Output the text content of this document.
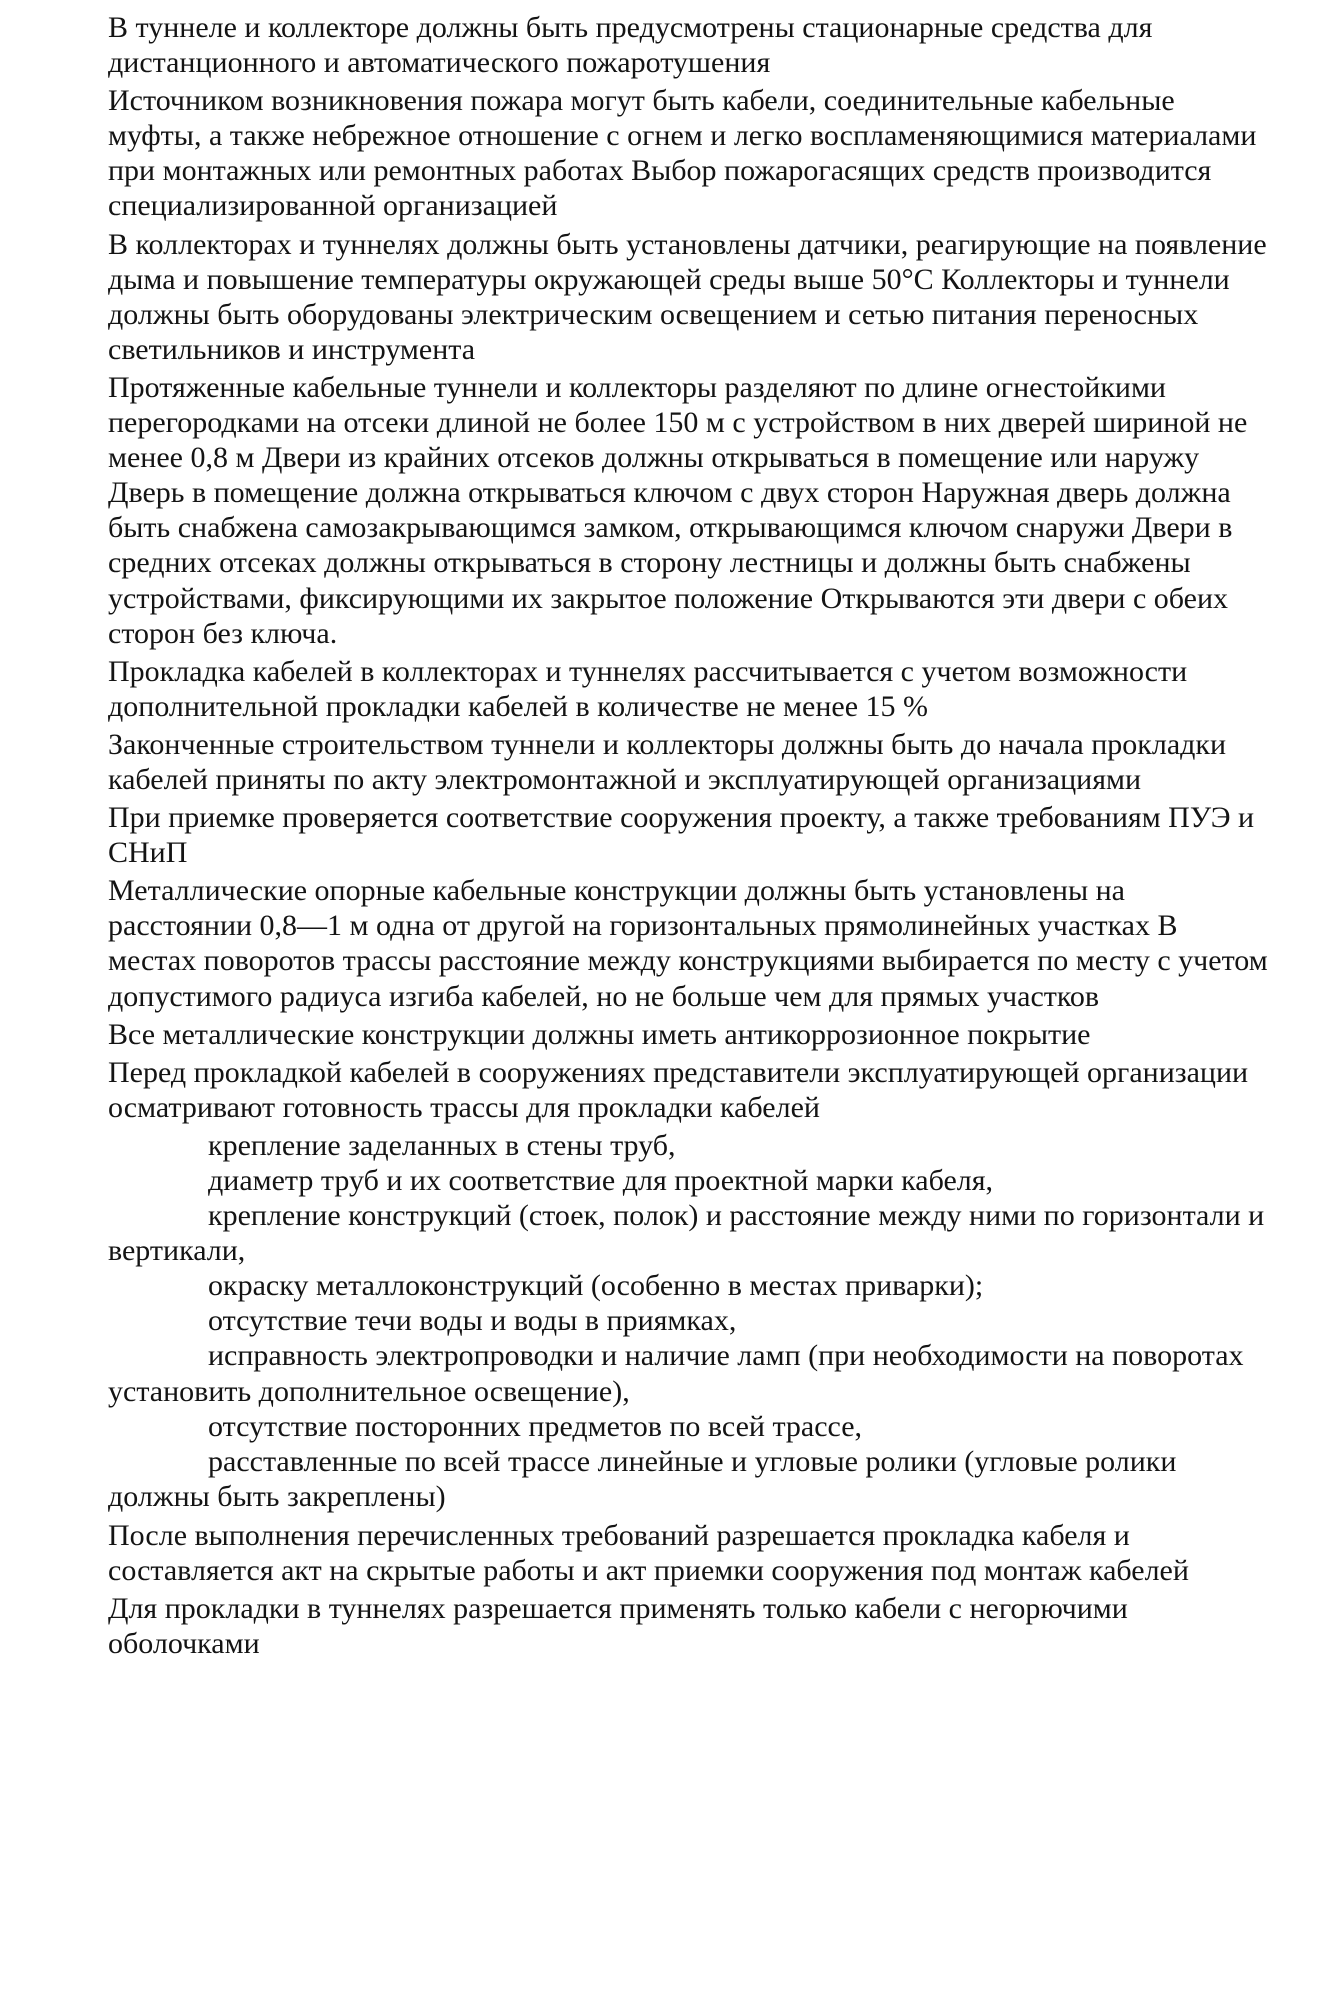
В туннеле и коллекторе должны быть предусмотрены стационарные средства для дистанционного и автоматического пожаротушения

Источником возникновения пожара могут быть кабели, соединительные кабельные муфты, а также небрежное отношение с огнем и легко воспламеняющимися материалами при монтажных или ремонтных работах Выбор пожарогасящих средств производится специализированной организацией

В коллекторах и туннелях должны быть установлены датчики, реагирующие на появление дыма и повышение температуры окружающей среды выше 50°С Коллекторы и туннели должны быть оборудованы электрическим освещением и сетью питания переносных светильников и инструмента

Протяженные кабельные туннели и коллекторы разделяют по длине огнестойкими перегородками на отсеки длиной не более 150 м с устройством в них дверей шириной не менее 0,8 м Двери из крайних отсеков должны открываться в помещение или наружу Дверь в помещение должна открываться ключом с двух сторон Наружная дверь должна быть снабжена самозакрывающимся замком, открывающимся ключом снаружи Двери в средних отсеках должны открываться в сторону лестницы и должны быть снабжены устройствами, фиксирующими их закрытое положение Открываются эти двери с обеих сторон без ключа.

Прокладка кабелей в коллекторах и туннелях рассчитывается с учетом возможности дополнительной прокладки кабелей в количестве не менее 15 %

Законченные строительством туннели и коллекторы должны быть до начала прокладки кабелей приняты по акту электромонтажной и эксплуатирующей организациями

При приемке проверяется соответствие сооружения проекту, а также требованиям ПУЭ и СНиП

Металлические опорные кабельные конструкции должны быть установлены на расстоянии 0,8—1 м одна от другой на горизонтальных прямолинейных участках В местах поворотов трассы расстояние между конструкциями выбирается по месту с учетом допустимого радиуса изгиба кабелей, но не больше чем для прямых участков

Все металлические конструкции должны иметь антикоррозионное покрытие

Перед прокладкой кабелей в сооружениях представители эксплуатирующей организации осматривают готовность трассы для прокладки кабелей

крепление заделанных в стены труб,
диаметр труб и их соответствие для проектной марки кабеля,
крепление конструкций (стоек, полок) и расстояние между ними по горизонтали и вертикали,
окраску металлоконструкций (особенно в местах приварки);
отсутствие течи воды и воды в приямках,
исправность электропроводки и наличие ламп (при необходимости на поворотах установить дополнительное освещение),
отсутствие посторонних предметов по всей трассе,
расставленные по всей трассе линейные и угловые ролики (угловые ролики должны быть закреплены)

После выполнения перечисленных требований разрешается прокладка кабеля и составляется акт на скрытые работы и акт приемки сооружения под монтаж кабелей

Для прокладки в туннелях разрешается применять только кабели с негорючими оболочками
